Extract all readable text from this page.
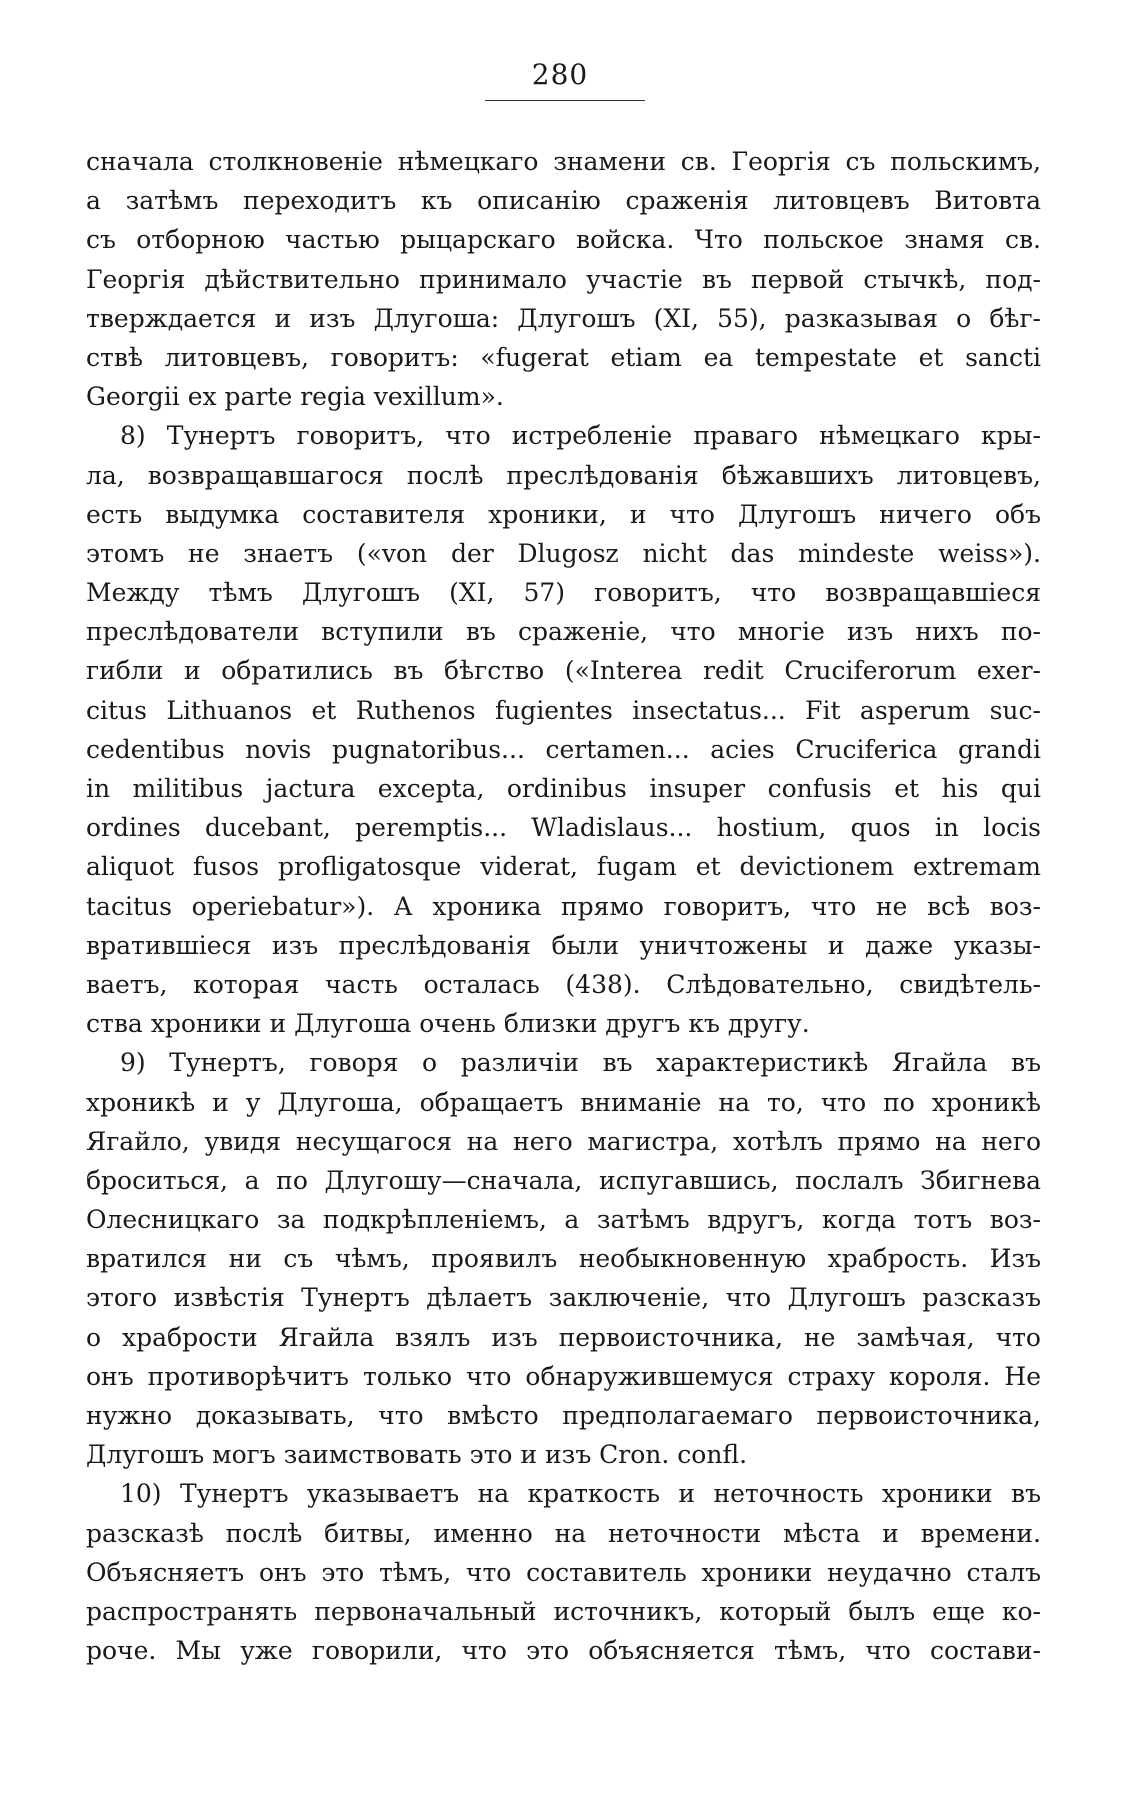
280
сначала столкновенiе нѣмецкаго знамени св. Георгiя съ польскимъ,
а затѣмъ переходитъ къ описанiю сраженiя литовцевъ Витовта
съ отборною частью рыцарскаго войска. Что польское знамя св.
Георгiя дѣйствительно принимало участiе въ первой стычкѣ, под-
тверждается и изъ Длугоша: Длугошъ (XI, 55), разказывая о бѣг-
ствѣ литовцевъ, говоритъ: «fugerat etiam ea tempestate et sancti
Georgii ex parte regia vexillum».
8) Тунертъ говоритъ, что истребленiе праваго нѣмецкаго кры-
ла, возвращавшагося послѣ преслѣдованiя бѣжавшихъ литовцевъ,
есть выдумка составителя хроники, и что Длугошъ ничего объ
этомъ не знаетъ («von der Dlugosz nicht das mindeste weiss»).
Между тѣмъ Длугошъ (XI, 57) говоритъ, что возвращавшiеся
преслѣдователи вступили въ сраженiе, что многiе изъ нихъ по-
гибли и обратились въ бѣгство («Interea redit Cruciferorum exer-
citus Lithuanos et Ruthenos fugientes insectatus... Fit asperum suc-
cedentibus novis pugnatoribus... certamen... acies Cruciferica grandi
in militibus jactura excepta, ordinibus insuper confusis et his qui
ordines ducebant, peremptis... Wladislaus... hostium, quos in locis
aliquot fusos profligatosque viderat, fugam et devictionem extremam
tacitus operiebatur»). А хроника прямо говоритъ, что не всѣ воз-
вратившiеся изъ преслѣдованiя были уничтожены и даже указы-
ваетъ, которая часть осталась (438). Слѣдовательно, свидѣтель-
ства хроники и Длугоша очень близки другъ къ другу.
9) Тунертъ, говоря о различiи въ характеристикѣ Ягайла въ
хроникѣ и у Длугоша, обращаетъ вниманiе на то, что по хроникѣ
Ягайло, увидя несущагося на него магистра, хотѣлъ прямо на него
броситься, а по Длугошу—сначала, испугавшись, послалъ Збигнева
Олесницкаго за подкрѣпленiемъ, а затѣмъ вдругъ, когда тотъ воз-
вратился ни съ чѣмъ, проявилъ необыкновенную храбрость. Изъ
этого извѣстiя Тунертъ дѣлаетъ заключенiе, что Длугошъ разсказъ
о храбрости Ягайла взялъ изъ первоисточника, не замѣчая, что
онъ противорѣчитъ только что обнаружившемуся страху короля. Не
нужно доказывать, что вмѣсто предполагаемаго первоисточника,
Длугошъ могъ заимствовать это и изъ Cron. confl.
10) Тунертъ указываетъ на краткость и неточность хроники въ
разсказѣ послѣ битвы, именно на неточности мѣста и времени.
Объясняетъ онъ это тѣмъ, что составитель хроники неудачно сталъ
распространять первоначальный источникъ, который былъ еще ко-
роче. Мы уже говорили, что это объясняется тѣмъ, что состави-
